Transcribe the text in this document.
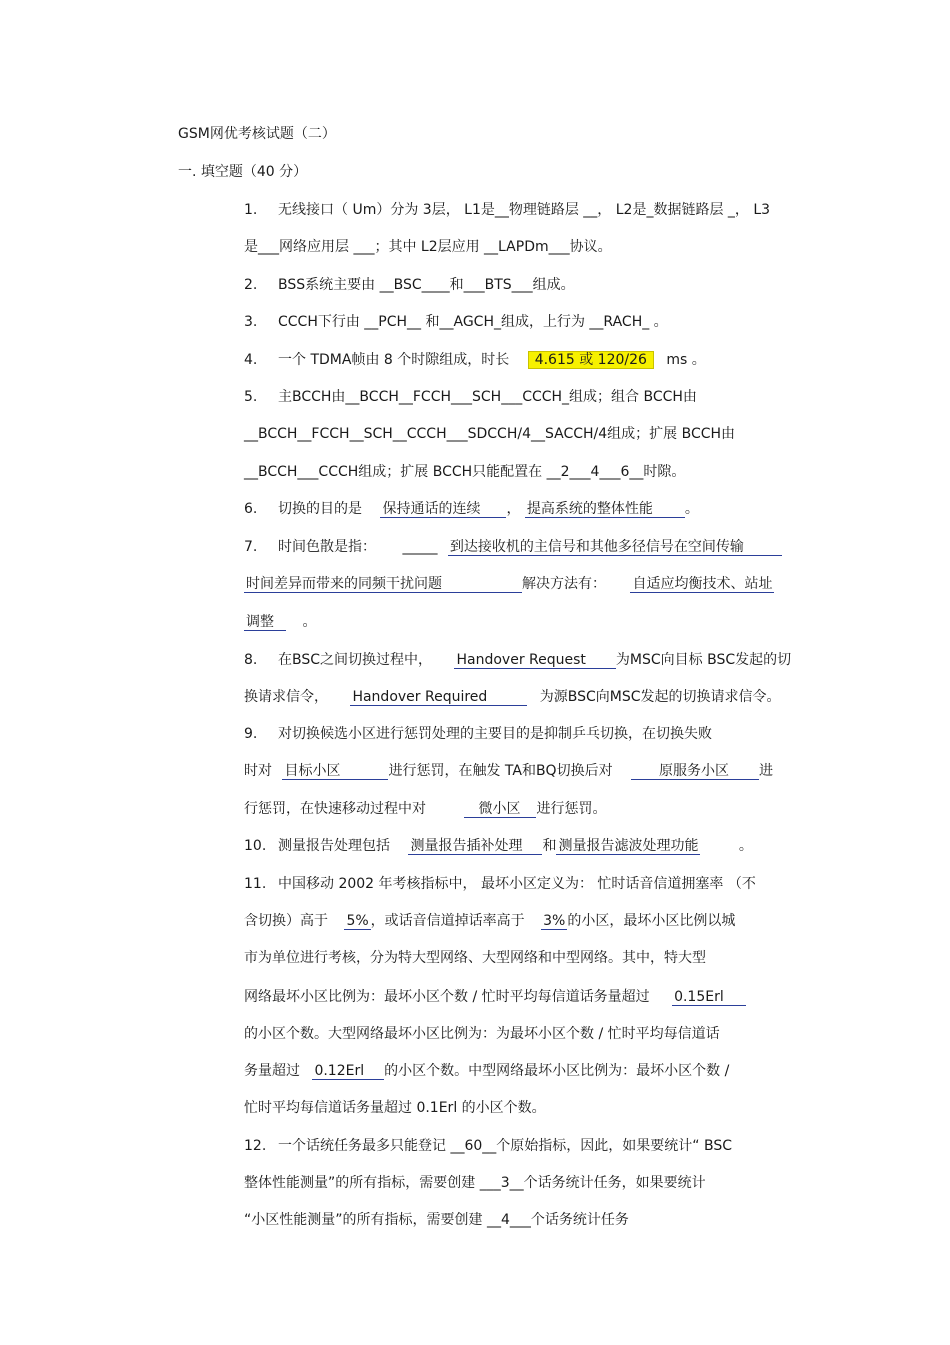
GSM网优考核试题（二）
一. 填空题（40 分）
1. 无线接口（ Um）分为 3层， L1是__物理链路层 __， L2是_数据链路层 _， L3
是___网络应用层 ___；其中 L2层应用 __LAPDm___协议。
2. BSS系统主要由 __BSC____和___BTS___组成。
3. CCCH下行由 __PCH__ 和__AGCH_组成，上行为 __RACH_ 。
4. 一个 TDMA帧由 8 个时隙组成，时长 4.615 或 120/26 ms 。
5. 主BCCH由__BCCH__FCCH___SCH___CCCH_组成；组合 BCCH由
__BCCH__FCCH__SCH__CCCH___SDCCH/4__SACCH/4组成；扩展 BCCH由
__BCCH___CCCH组成；扩展 BCCH只能配置在 __2___4___6__时隙。
6. 切换的目的是 保持通话的连续 ， 提高系统的整体性能 。
7. 时间色散是指： _____ 到达接收机的主信号和其他多径信号在空间传输
时间差异而带来的同频干扰问题	解决方法有： 自适应均衡技术、站址
调整 。
8. 在BSC之间切换过程中， Handover Request 为MSC向目标 BSC发起的切
换请求信令， Handover Required	为源BSC向MSC发起的切换请求信令。
9. 对切换候选小区进行惩罚处理的主要目的是抑制乒乓切换，在切换失败
时对 目标小区	进行惩罚，在触发 TA和BQ切换后对	原服务小区 进
行惩罚，在快速移动过程中对	微小区 进行惩罚。
10. 测量报告处理包括 测量报告插补处理 和 测量报告滤波处理功能	。
11. 中国移动 2002 年考核指标中， 最坏小区定义为： 忙时话音信道拥塞率 （不
含切换）高于 5% ，或话音信道掉话率高于 3% 的小区，最坏小区比例以城
市为单位进行考核，分为特大型网络、大型网络和中型网络。其中，特大型
网络最坏小区比例为：最坏小区个数 / 忙时平均每信道话务量超过 0.15Erl
的小区个数。大型网络最坏小区比例为：为最坏小区个数 / 忙时平均每信道话
务量超过 0.12Erl 的小区个数。中型网络最坏小区比例为：最坏小区个数 /
忙时平均每信道话务量超过 0.1Erl 的小区个数。
12. 一个话统任务最多只能登记 __60__个原始指标，因此，如果要统计“ BSC
整体性能测量”的所有指标，需要创建 ___3__个话务统计任务，如果要统计
“小区性能测量”的所有指标，需要创建 __4___个话务统计任务
